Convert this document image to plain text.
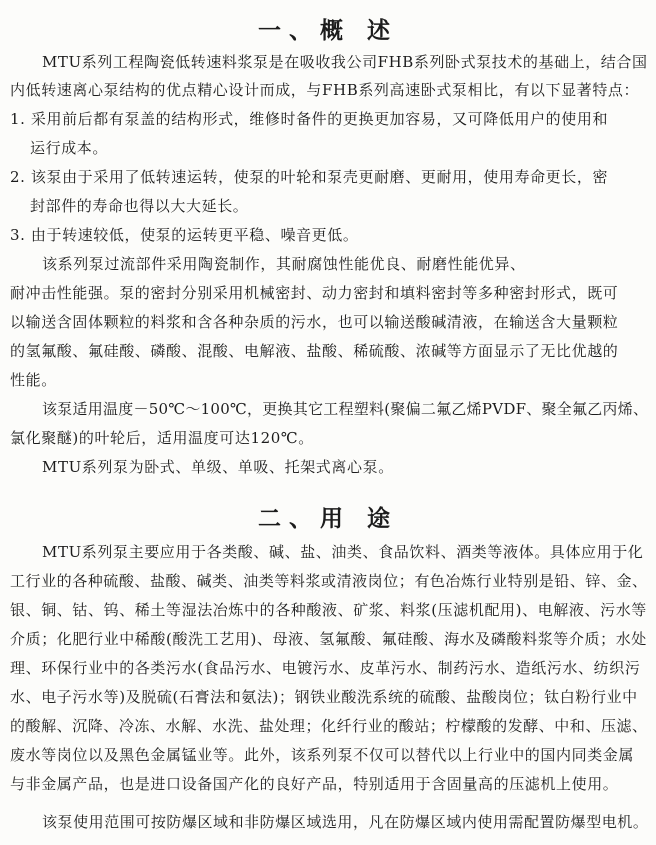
一、概 述
MTU系列工程陶瓷低转速料浆泵是在吸收我公司FHB系列卧式泵技术的基础上，结合国
内低转速离心泵结构的优点精心设计而成，与FHB系列高速卧式泵相比，有以下显著特点：
1. 采用前后都有泵盖的结构形式，维修时备件的更换更加容易，又可降低用户的使用和
运行成本。
2. 该泵由于采用了低转速运转，使泵的叶轮和泵壳更耐磨、更耐用，使用寿命更长，密
封部件的寿命也得以大大延长。
3. 由于转速较低，使泵的运转更平稳、噪音更低。
该系列泵过流部件采用陶瓷制作，其耐腐蚀性能优良、耐磨性能优异、
耐冲击性能强。泵的密封分别采用机械密封、动力密封和填料密封等多种密封形式，既可
以输送含固体颗粒的料浆和含各种杂质的污水，也可以输送酸碱清液，在输送含大量颗粒
的氢氟酸、氟硅酸、磷酸、混酸、电解液、盐酸、稀硫酸、浓碱等方面显示了无比优越的
性能。
该泵适用温度－50℃～100℃，更换其它工程塑料(聚偏二氟乙烯PVDF、聚全氟乙丙烯、
氯化聚醚)的叶轮后，适用温度可达120℃。
MTU系列泵为卧式、单级、单吸、托架式离心泵。
二、用 途
MTU系列泵主要应用于各类酸、碱、盐、油类、食品饮料、酒类等液体。具体应用于化
工行业的各种硫酸、盐酸、碱类、油类等料浆或清液岗位；有色冶炼行业特别是铅、锌、金、
银、铜、钴、钨、稀土等湿法冶炼中的各种酸液、矿浆、料浆(压滤机配用)、电解液、污水等
介质；化肥行业中稀酸(酸洗工艺用)、母液、氢氟酸、氟硅酸、海水及磷酸料浆等介质；水处
理、环保行业中的各类污水(食品污水、电镀污水、皮革污水、制药污水、造纸污水、纺织污
水、电子污水等)及脱硫(石膏法和氨法)；钢铁业酸洗系统的硫酸、盐酸岗位；钛白粉行业中
的酸解、沉降、冷冻、水解、水洗、盐处理；化纤行业的酸站；柠檬酸的发酵、中和、压滤、
废水等岗位以及黑色金属锰业等。此外，该系列泵不仅可以替代以上行业中的国内同类金属
与非金属产品，也是进口设备国产化的良好产品，特别适用于含固量高的压滤机上使用。
该泵使用范围可按防爆区域和非防爆区域选用，凡在防爆区域内使用需配置防爆型电机。
